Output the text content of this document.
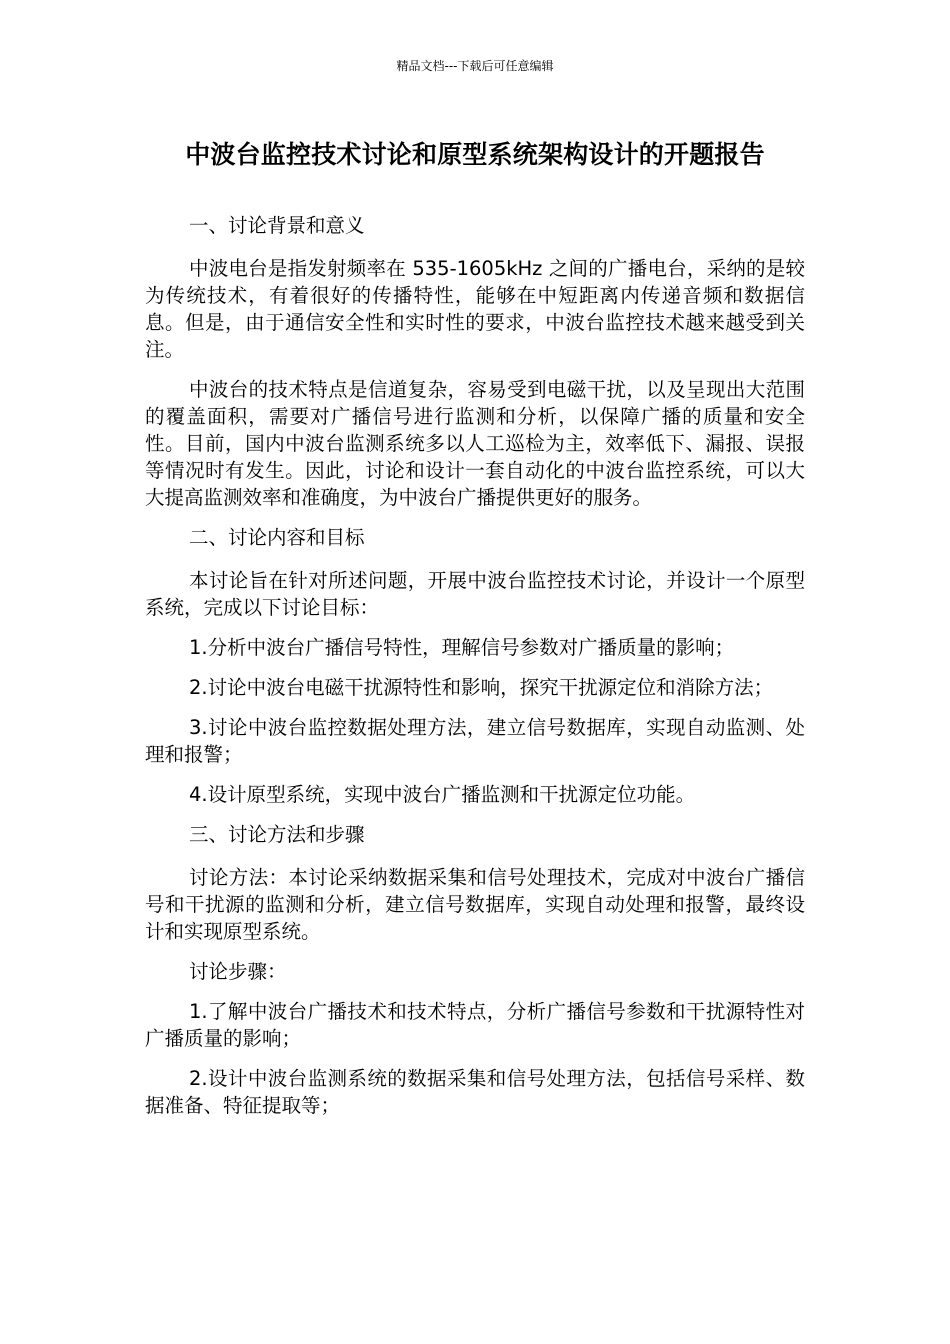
精品文档---下载后可任意编辑
中波台监控技术讨论和原型系统架构设计的开题报告

一、讨论背景和意义

中波电台是指发射频率在 535-1605kHz 之间的广播电台，采纳的是较为传统技术，有着很好的传播特性，能够在中短距离内传递音频和数据信息。但是，由于通信安全性和实时性的要求，中波台监控技术越来越受到关注。

中波台的技术特点是信道复杂，容易受到电磁干扰，以及呈现出大范围的覆盖面积，需要对广播信号进行监测和分析，以保障广播的质量和安全性。目前，国内中波台监测系统多以人工巡检为主，效率低下、漏报、误报等情况时有发生。因此，讨论和设计一套自动化的中波台监控系统，可以大大提高监测效率和准确度，为中波台广播提供更好的服务。

二、讨论内容和目标

本讨论旨在针对所述问题，开展中波台监控技术讨论，并设计一个原型系统，完成以下讨论目标：

1.分析中波台广播信号特性，理解信号参数对广播质量的影响；

2.讨论中波台电磁干扰源特性和影响，探究干扰源定位和消除方法；

3.讨论中波台监控数据处理方法，建立信号数据库，实现自动监测、处理和报警；

4.设计原型系统，实现中波台广播监测和干扰源定位功能。

三、讨论方法和步骤

讨论方法：本讨论采纳数据采集和信号处理技术，完成对中波台广播信号和干扰源的监测和分析，建立信号数据库，实现自动处理和报警，最终设计和实现原型系统。

讨论步骤：

1.了解中波台广播技术和技术特点，分析广播信号参数和干扰源特性对广播质量的影响；

2.设计中波台监测系统的数据采集和信号处理方法，包括信号采样、数据准备、特征提取等；
